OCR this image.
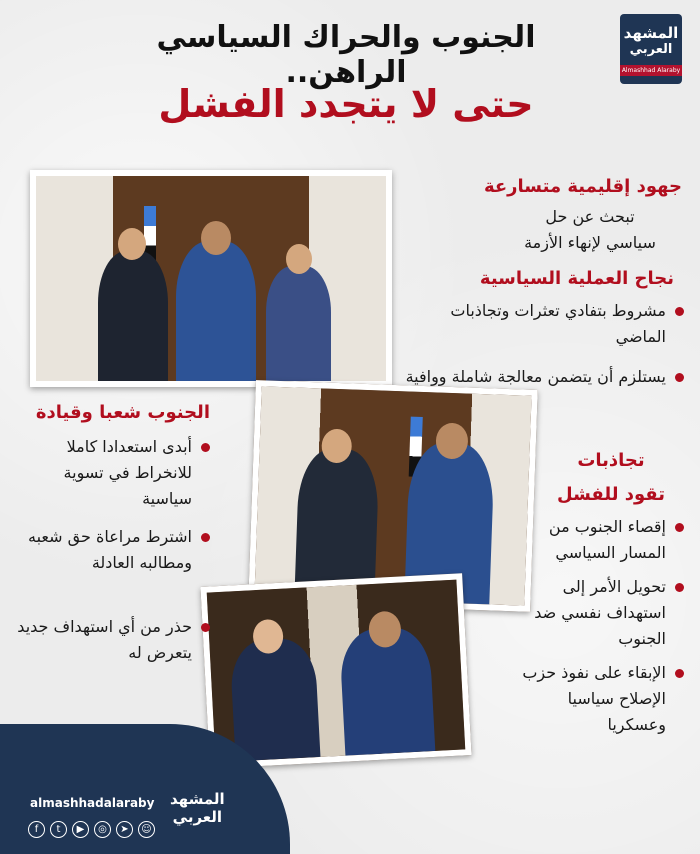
المشهد
العربي
Almashhad Alaraby
الجنوب والحراك السياسي الراهن..
حتى لا يتجدد الفشل
جهود إقليمية متسارعة
تبحث عن حل سياسي لإنهاء الأزمة
نجاح العملية السياسية
مشروط بتفادي تعثرات وتجاذبات الماضي
يستلزم أن يتضمن معالجة شاملة ووافية
الجنوب شعبا وقيادة
أبدى استعدادا كاملا للانخراط في تسوية سياسية
اشترط مراعاة حق شعبه ومطالبه العادلة
حذر من أي استهداف جديد يتعرض له
تجاذبات تقود للفشل
إقصاء الجنوب من المسار السياسي
تحويل الأمر إلى استهداف نفسي ضد الجنوب
الإبقاء على نفوذ حزب الإصلاح سياسيا وعسكريا
almashhadalaraby المشهد
العربي
f	t	▶	◎	➤	☺
